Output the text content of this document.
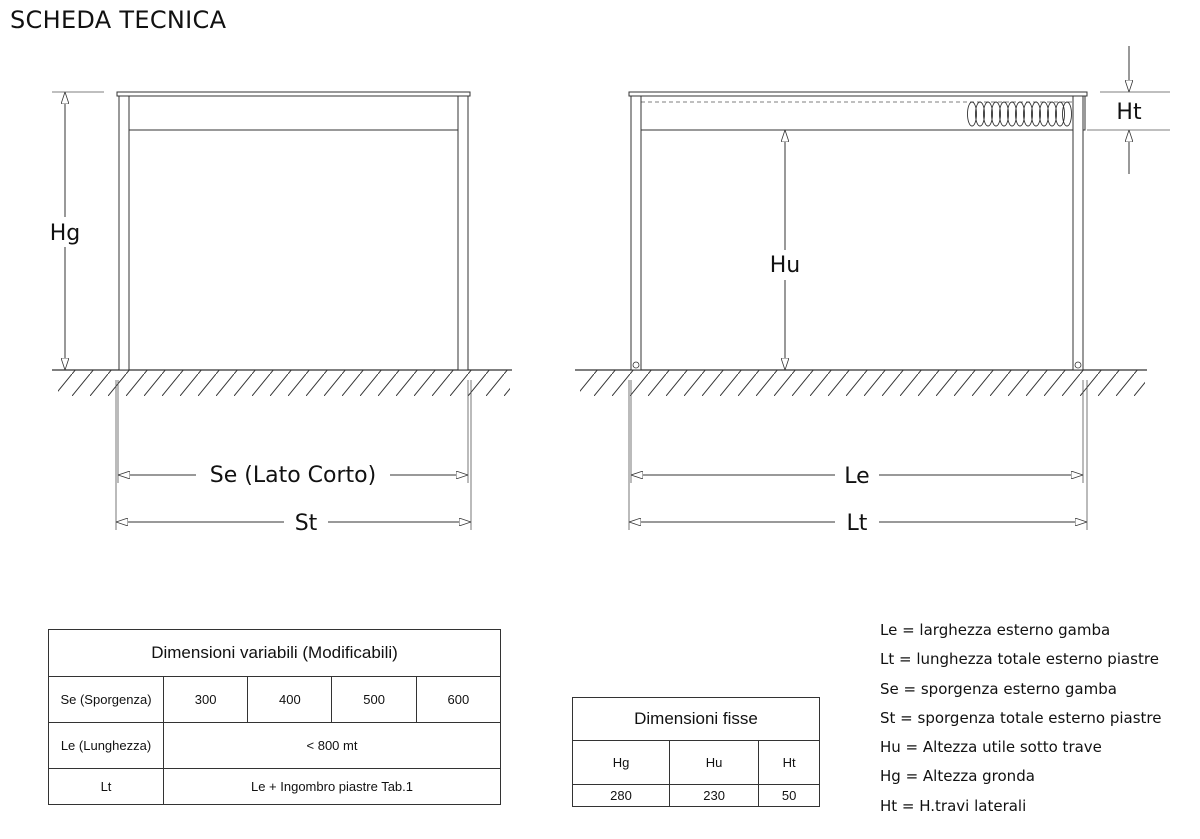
SCHEDA TECNICA
Hg
Se (Lato Corto)
St
Ht
Hu
Le
Lt
Dimensioni variabili (Modificabili)				
Se (Sporgenza)	300	400	500	600
Le (Lunghezza)	< 800 mt			
Lt	Le + Ingombro piastre Tab.1			
Dimensioni fisse		
Hg	Hu	Ht
280	230	50
Le = larghezza esterno gamba
Lt = lunghezza totale esterno piastre
Se = sporgenza esterno gamba
St = sporgenza totale esterno piastre
Hu = Altezza utile sotto trave
Hg = Altezza gronda
Ht = H.travi laterali
